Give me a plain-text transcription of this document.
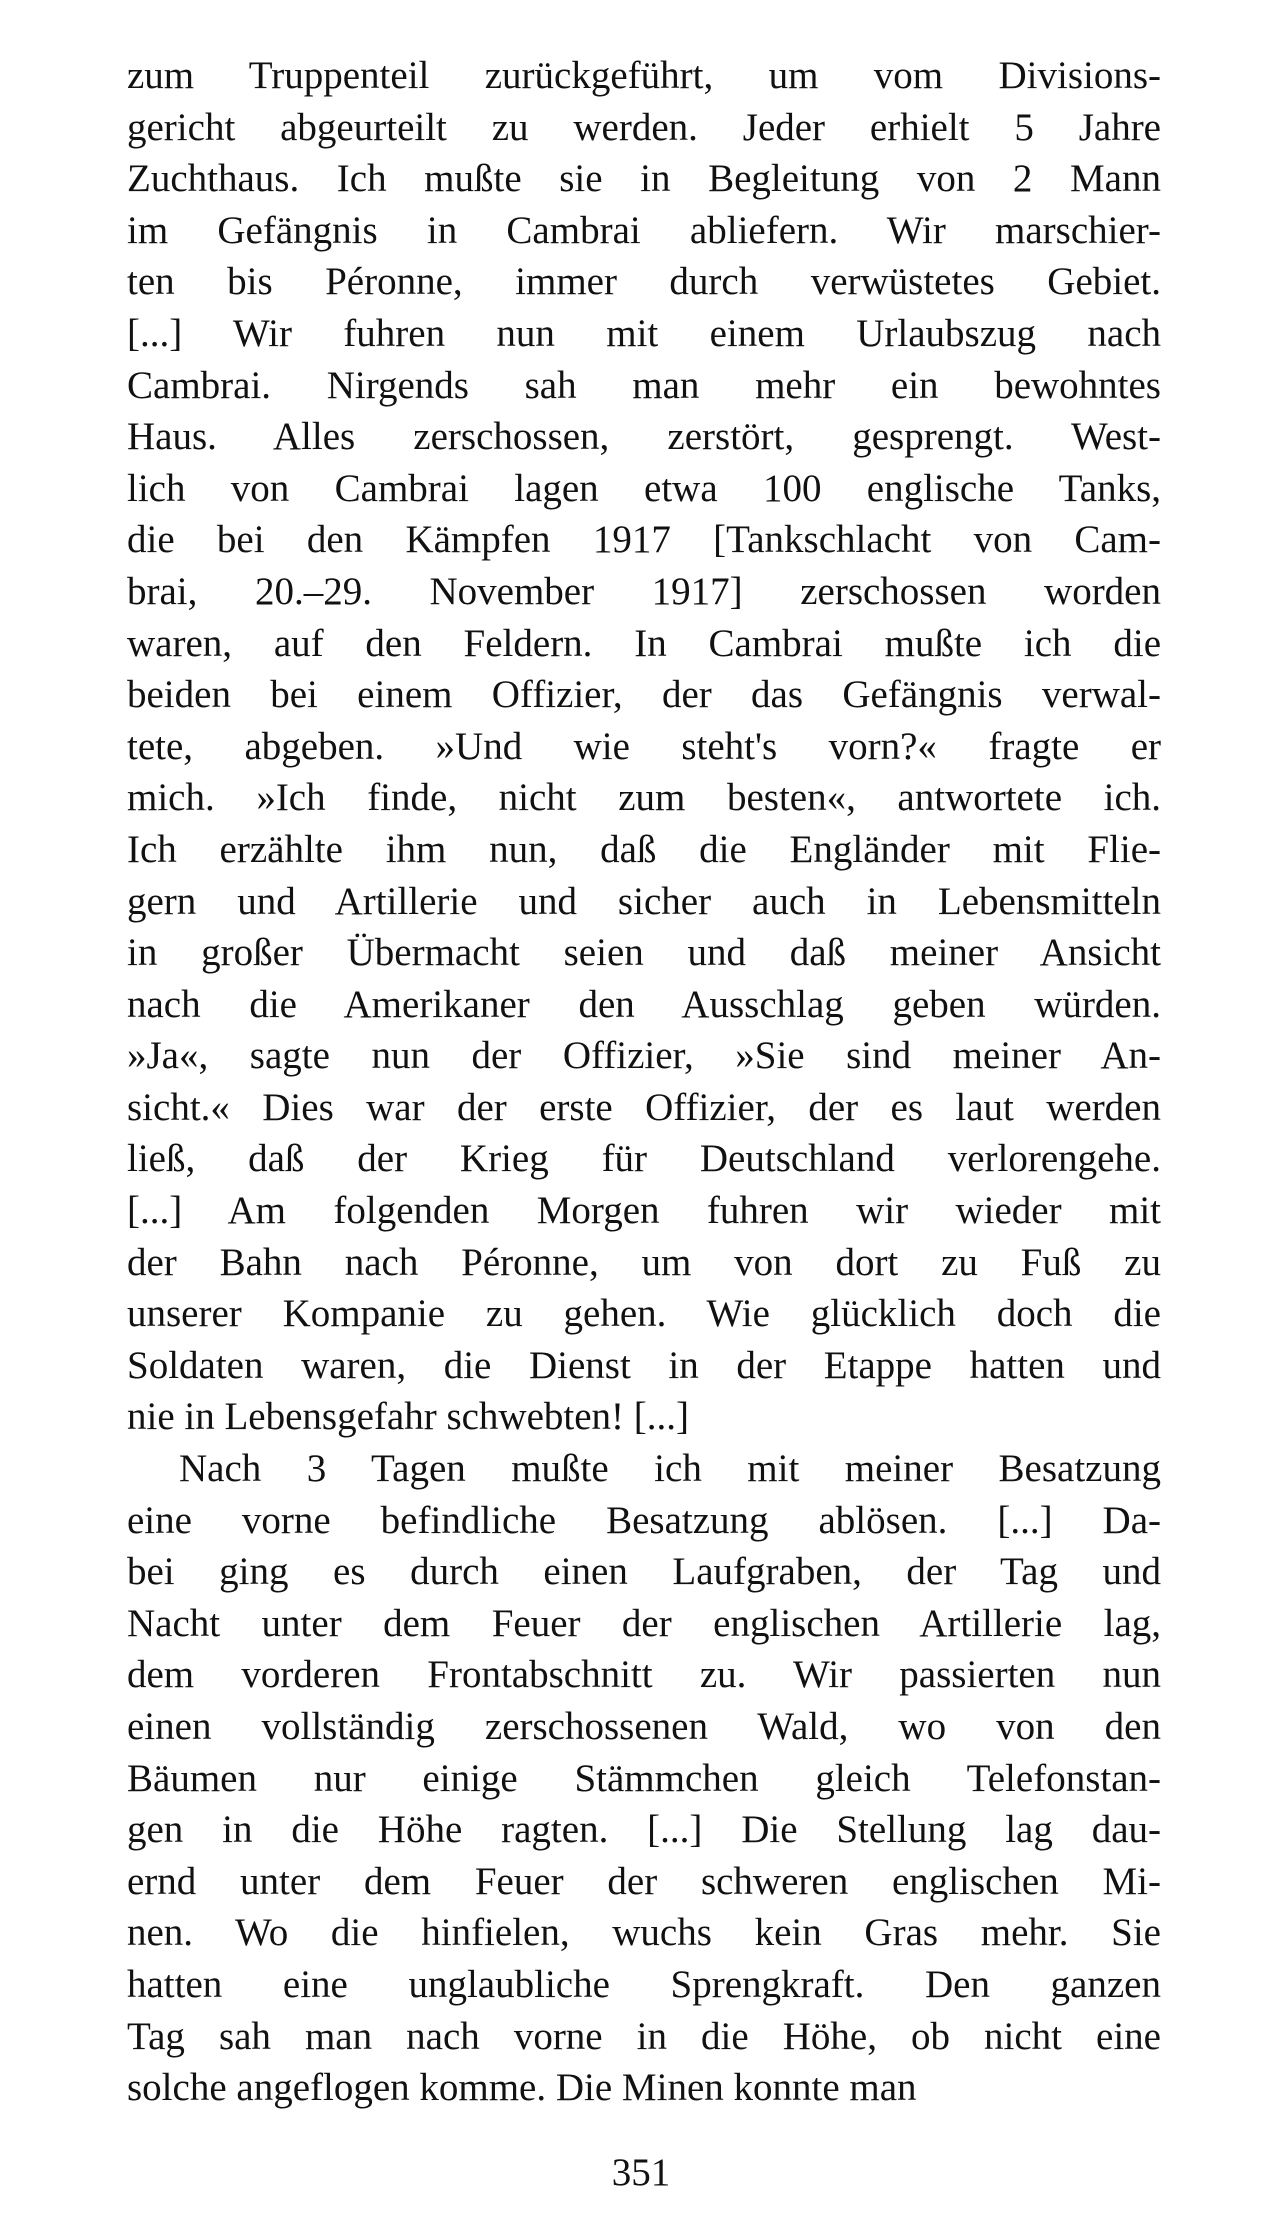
zum Truppenteil zurückgeführt, um vom Divisions-
gericht abgeurteilt zu werden. Jeder erhielt 5 Jahre
Zuchthaus. Ich mußte sie in Begleitung von 2 Mann
im Gefängnis in Cambrai abliefern. Wir marschier-
ten bis Péronne, immer durch verwüstetes Gebiet.
[...] Wir fuhren nun mit einem Urlaubszug nach
Cambrai. Nirgends sah man mehr ein bewohntes
Haus. Alles zerschossen, zerstört, gesprengt. West-
lich von Cambrai lagen etwa 100 englische Tanks,
die bei den Kämpfen 1917 [Tankschlacht von Cam-
brai, 20.–29. November 1917] zerschossen worden
waren, auf den Feldern. In Cambrai mußte ich die
beiden bei einem Offizier, der das Gefängnis verwal-
tete, abgeben. »Und wie steht's vorn?« fragte er
mich. »Ich finde, nicht zum besten«, antwortete ich.
Ich erzählte ihm nun, daß die Engländer mit Flie-
gern und Artillerie und sicher auch in Lebensmitteln
in großer Übermacht seien und daß meiner Ansicht
nach die Amerikaner den Ausschlag geben würden.
»Ja«, sagte nun der Offizier, »Sie sind meiner An-
sicht.« Dies war der erste Offizier, der es laut werden
ließ, daß der Krieg für Deutschland verlorengehe.
[...] Am folgenden Morgen fuhren wir wieder mit
der Bahn nach Péronne, um von dort zu Fuß zu
unserer Kompanie zu gehen. Wie glücklich doch die
Soldaten waren, die Dienst in der Etappe hatten und
nie in Lebensgefahr schwebten! [...]
Nach 3 Tagen mußte ich mit meiner Besatzung
eine vorne befindliche Besatzung ablösen. [...] Da-
bei ging es durch einen Laufgraben, der Tag und
Nacht unter dem Feuer der englischen Artillerie lag,
dem vorderen Frontabschnitt zu. Wir passierten nun
einen vollständig zerschossenen Wald, wo von den
Bäumen nur einige Stämmchen gleich Telefonstan-
gen in die Höhe ragten. [...] Die Stellung lag dau-
ernd unter dem Feuer der schweren englischen Mi-
nen. Wo die hinfielen, wuchs kein Gras mehr. Sie
hatten eine unglaubliche Sprengkraft. Den ganzen
Tag sah man nach vorne in die Höhe, ob nicht eine
solche angeflogen komme. Die Minen konnte man
351
